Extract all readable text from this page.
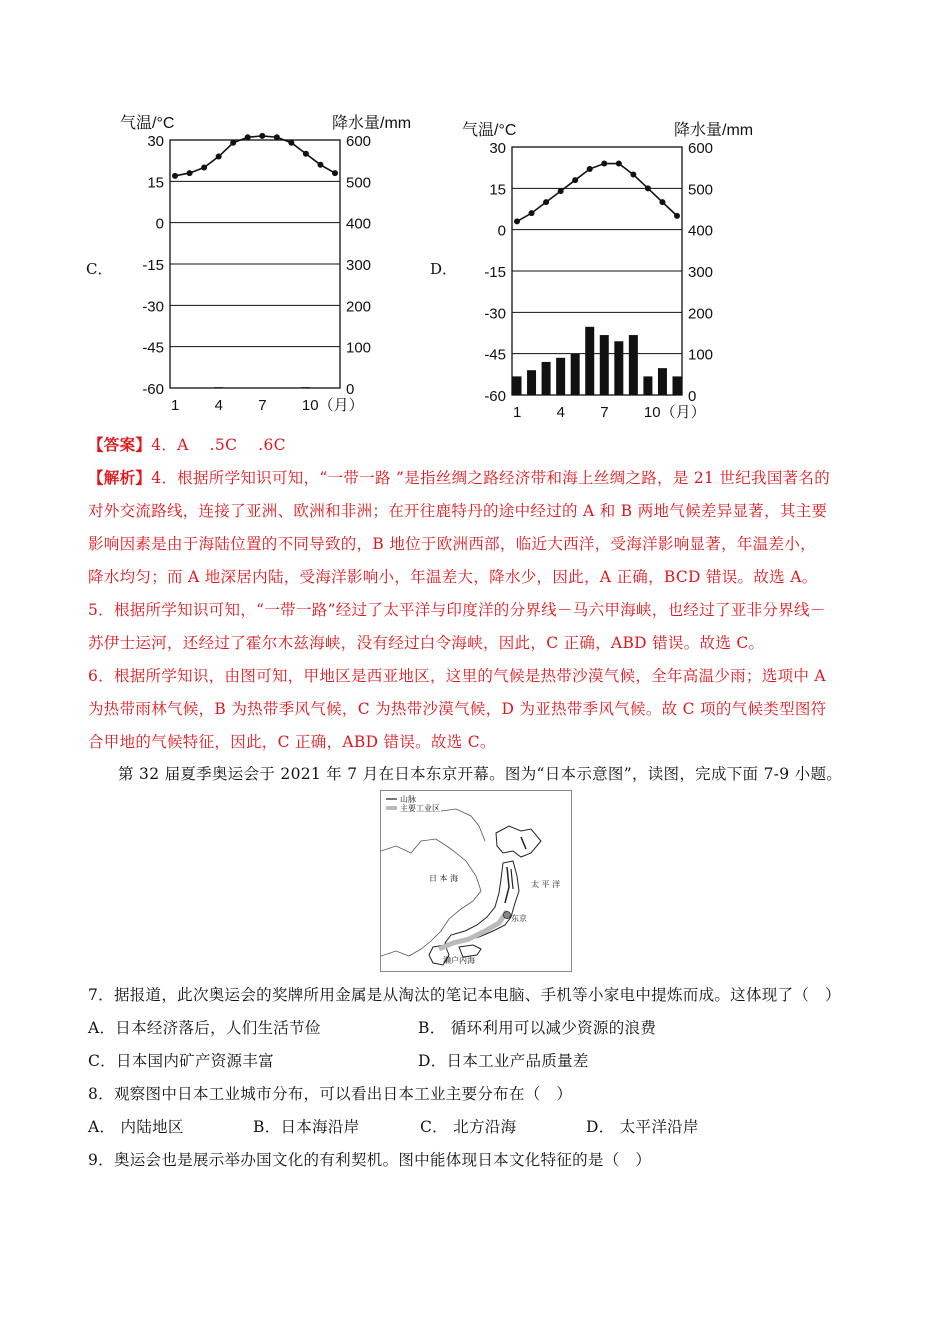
C．
30
15
0
-15
-30
-45
-60
600
500
400
300
200
100
0
气温/°C	降水量/mm
1 4 7 10（月）
D．
30
15
0
-15
-30
-45
-60
600
500
400
300
200
100
0
气温/°C	降水量/mm
1 4 7 10（月）
【答案】4．A　 .5C　 .6C
【解析】4．根据所学知识可知，“一带一路 ”是指丝绸之路经济带和海上丝绸之路，是 21 世纪我国著名的
对外交流路线，连接了亚洲、欧洲和非洲；在开往鹿特丹的途中经过的 A 和 B 两地气候差异显著，其主要
影响因素是由于海陆位置的不同导致的，B 地位于欧洲西部，临近大西洋，受海洋影响显著，年温差小，
降水均匀；而 A 地深居内陆，受海洋影响小，年温差大，降水少，因此，A 正确，BCD 错误。故选 A。
5．根据所学知识可知，“一带一路”经过了太平洋与印度洋的分界线－马六甲海峡，也经过了亚非分界线－
苏伊士运河，还经过了霍尔木兹海峡，没有经过白令海峡，因此，C 正确，ABD 错误。故选 C。
6．根据所学知识，由图可知，甲地区是西亚地区，这里的气候是热带沙漠气候，全年高温少雨；选项中 A
为热带雨林气候，B 为热带季风气候，C 为热带沙漠气候，D 为亚热带季风气候。故 C 项的气候类型图符
合甲地的气候特征，因此，C 正确，ABD 错误。故选 C。
第 32 届夏季奥运会于 2021 年 7 月在日本东京开幕。图为“日本示意图”，读图，完成下面 7-9 小题。
山脉
主要工业区
日 本 海
太 平 洋
东京
濑户内海
7．据报道，此次奥运会的奖牌所用金属是从淘汰的笔记本电脑、手机等小家电中提炼而成。这体现了（　）
A．日本经济落后，人们生活节俭	B． 循环利用可以减少资源的浪费
C．日本国内矿产资源丰富	D．日本工业产品质量差
8．观察图中日本工业城市分布，可以看出日本工业主要分布在（　）
A． 内陆地区	B．日本海沿岸	C． 北方沿海	D． 太平洋沿岸
9．奥运会也是展示举办国文化的有利契机。图中能体现日本文化特征的是（　）
